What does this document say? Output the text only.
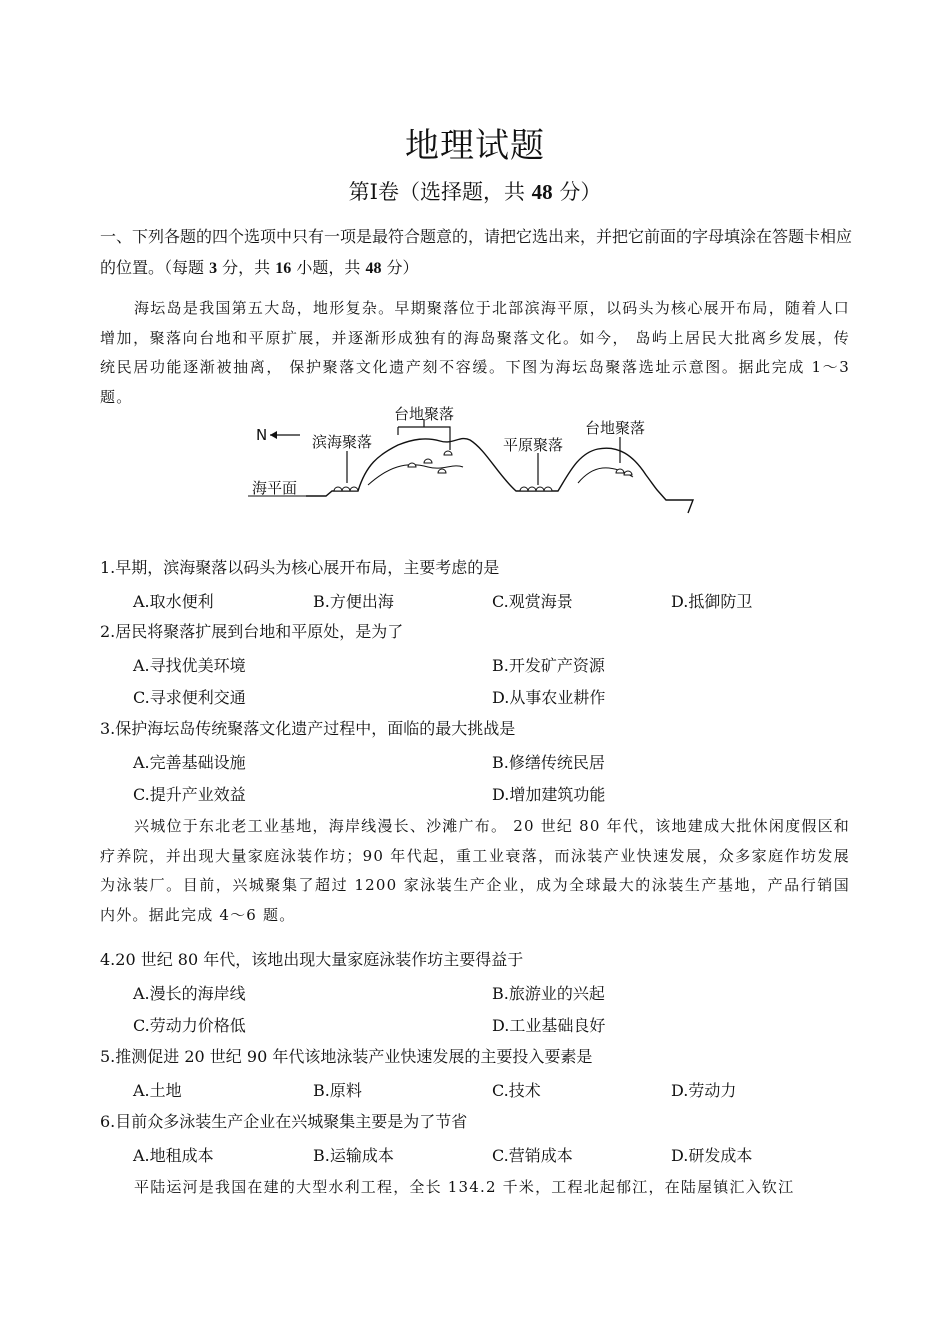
地理试题

第Ⅰ卷（选择题，共 48 分）

一、下列各题的四个选项中只有一项是最符合题意的，请把它选出来，并把它前面的字母填涂在答题卡相应的位置。（每题 3 分，共 16 小题，共 48 分）

海坛岛是我国第五大岛，地形复杂。早期聚落位于北部滨海平原，以码头为核心展开布局，随着人口增加，聚落向台地和平原扩展，并逐渐形成独有的海岛聚落文化。如今， 岛屿上居民大批离乡发展，传统民居功能逐渐被抽离， 保护聚落文化遗产刻不容缓。下图为海坛岛聚落选址示意图。据此完成 1～3 题。

N	滨海聚落
台地聚落
平原聚落
台地聚落
海平面

1.早期，滨海聚落以码头为核心展开布局，主要考虑的是

A.取水便利	B.方便出海	C.观赏海景	D.抵御防卫

2.居民将聚落扩展到台地和平原处，是为了

A.寻找优美环境	B.开发矿产资源
C.寻求便利交通	D.从事农业耕作

3.保护海坛岛传统聚落文化遗产过程中，面临的最大挑战是

A.完善基础设施	B.修缮传统民居
C.提升产业效益	D.增加建筑功能

兴城位于东北老工业基地，海岸线漫长、沙滩广布。 20 世纪 80 年代，该地建成大批休闲度假区和疗养院，并出现大量家庭泳装作坊；90 年代起，重工业衰落，而泳装产业快速发展，众多家庭作坊发展为泳装厂。目前，兴城聚集了超过 1200 家泳装生产企业，成为全球最大的泳装生产基地，产品行销国内外。据此完成 4～6 题。

4.20 世纪 80 年代，该地出现大量家庭泳装作坊主要得益于

A.漫长的海岸线	B.旅游业的兴起
C.劳动力价格低	D.工业基础良好

5.推测促进 20 世纪 90 年代该地泳装产业快速发展的主要投入要素是

A.土地	B.原料	C.技术	D.劳动力

6.目前众多泳装生产企业在兴城聚集主要是为了节省

A.地租成本	B.运输成本	C.营销成本	D.研发成本

平陆运河是我国在建的大型水利工程，全长 134.2 千米，工程北起郁江，在陆屋镇汇入钦江
